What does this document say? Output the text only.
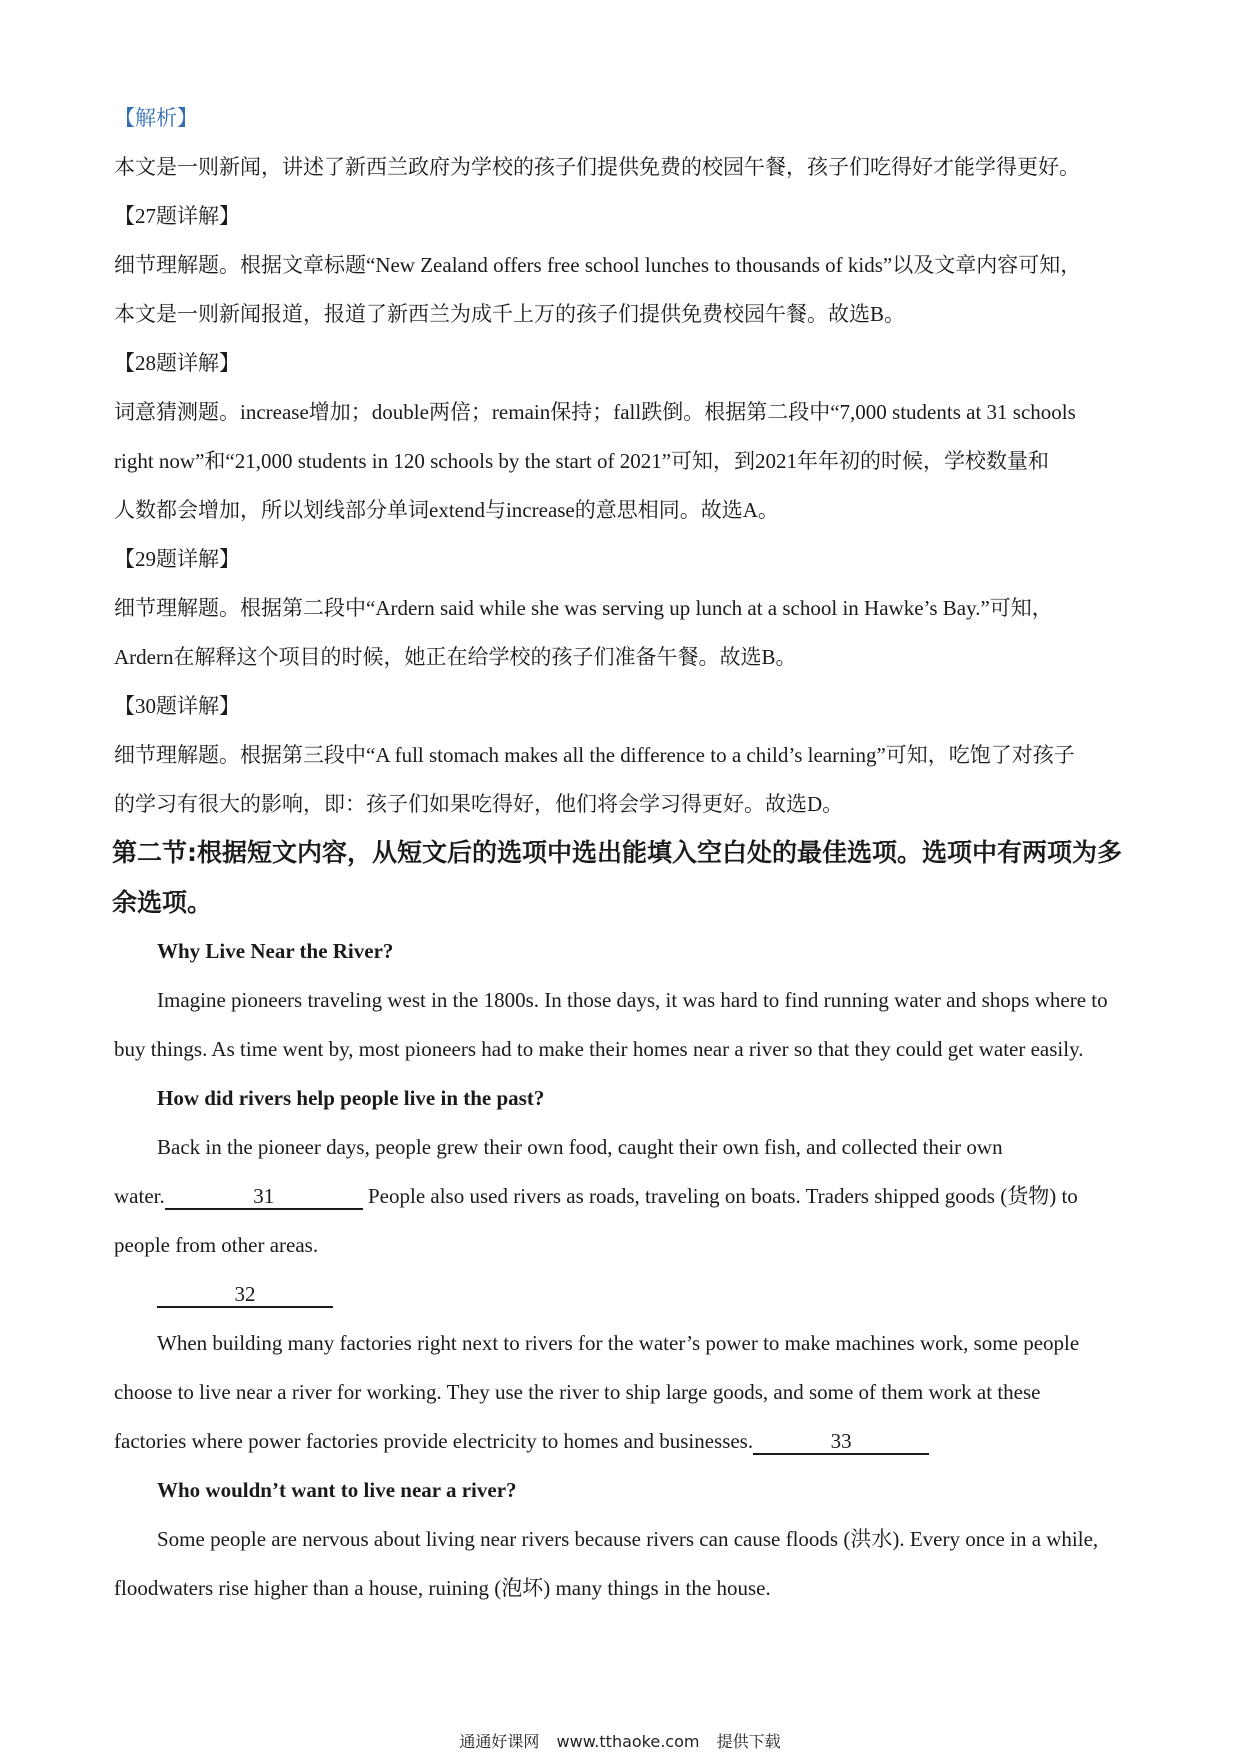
【解析】
本文是一则新闻，讲述了新西兰政府为学校的孩子们提供免费的校园午餐，孩子们吃得好才能学得更好。
【27题详解】
细节理解题。根据文章标题“New Zealand offers free school lunches to thousands of kids”以及文章内容可知，
本文是一则新闻报道，报道了新西兰为成千上万的孩子们提供免费校园午餐。故选B。
【28题详解】
词意猜测题。increase增加；double两倍；remain保持；fall跌倒。根据第二段中“7,000 students at 31 schools
right now”和“21,000 students in 120 schools by the start of 2021”可知，到2021年年初的时候，学校数量和
人数都会增加，所以划线部分单词extend与increase的意思相同。故选A。
【29题详解】
细节理解题。根据第二段中“Ardern said while she was serving up lunch at a school in Hawke’s Bay.”可知，
Ardern在解释这个项目的时候，她正在给学校的孩子们准备午餐。故选B。
【30题详解】
细节理解题。根据第三段中“A full stomach makes all the difference to a child’s learning”可知，吃饱了对孩子
的学习有很大的影响，即：孩子们如果吃得好，他们将会学习得更好。故选D。
第二节:根据短文内容，从短文后的选项中选出能填入空白处的最佳选项。选项中有两项为多
余选项。
Why Live Near the River?
Imagine pioneers traveling west in the 1800s. In those days, it was hard to find running water and shops where to
buy things. As time went by, most pioneers had to make their homes near a river so that they could get water easily.
How did rivers help people live in the past?
Back in the pioneer days, people grew their own food, caught their own fish, and collected their own
water.	31	People also used rivers as roads, traveling on boats. Traders shipped goods (货物) to
people from other areas.
32
When building many factories right next to rivers for the water’s power to make machines work, some people
choose to live near a river for working. They use the river to ship large goods, and some of them work at these
factories where power factories provide electricity to homes and businesses.	33
Who wouldn’t want to live near a river?
Some people are nervous about living near rivers because rivers can cause floods (洪水). Every once in a while,
floodwaters rise higher than a house, ruining (泡坏) many things in the house.
通通好课网 www.tthaoke.com 提供下载
